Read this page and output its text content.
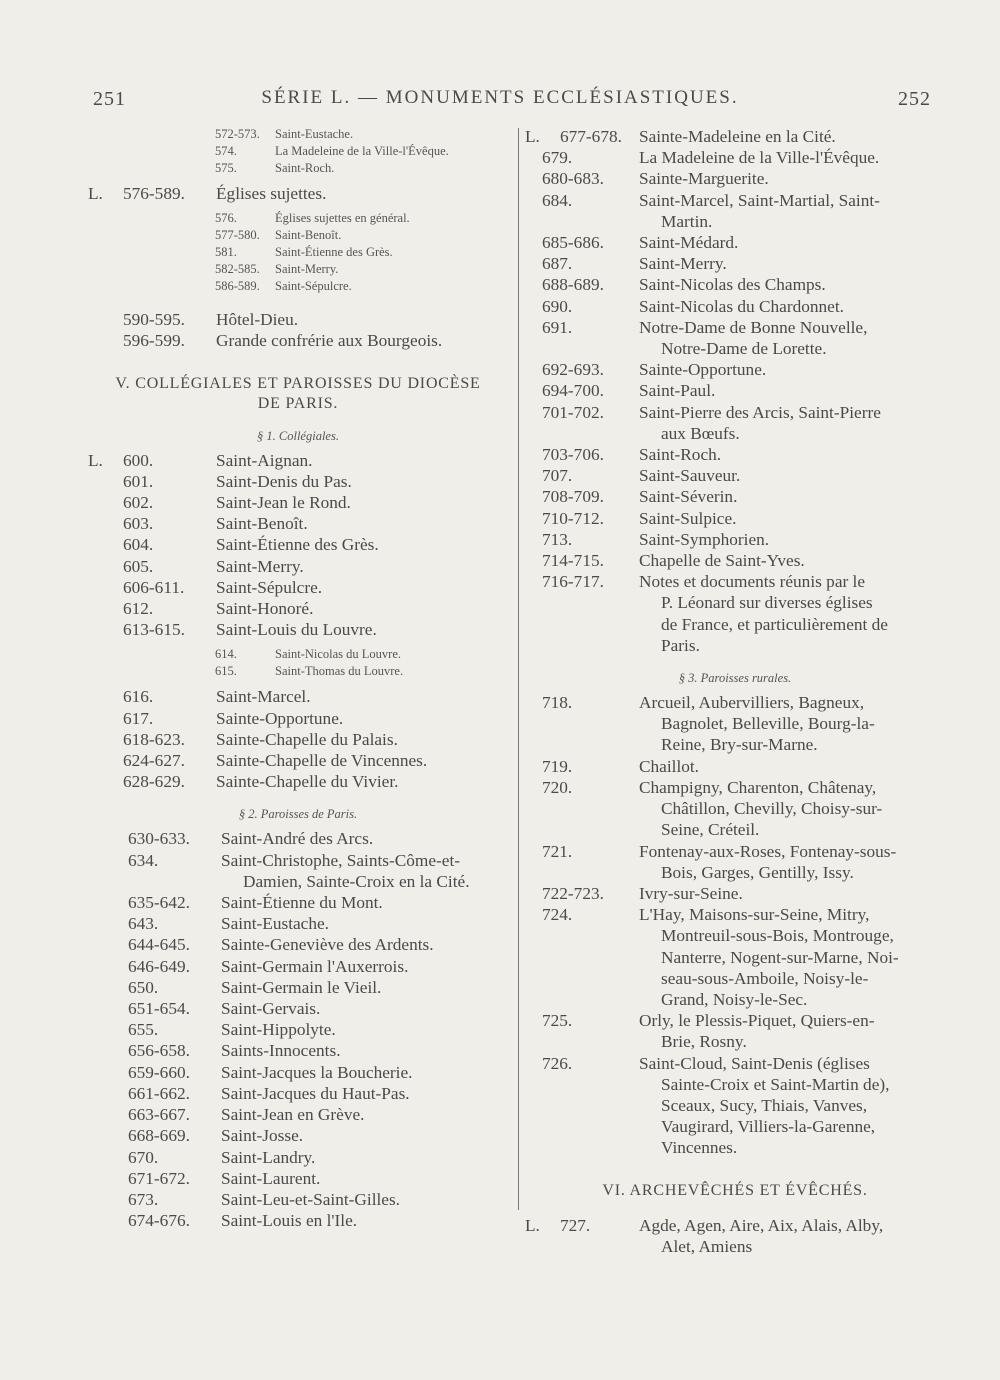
251	SÉRIE L. — MONUMENTS ECCLÉSIASTIQUES.	252
572-573.	Saint-Eustache.
574.	La Madeleine de la Ville-l'Évêque.
575.	Saint-Roch.
L.	576-589.	Églises sujettes.
576.	Églises sujettes en général.
577-580.	Saint-Benoît.
581.	Saint-Étienne des Grès.
582-585.	Saint-Merry.
586-589.	Saint-Sépulcre.
590-595.	Hôtel-Dieu.
596-599.	Grande confrérie aux Bourgeois.
V. COLLÉGIALES ET PAROISSES DU DIOCÈSE
DE PARIS.
§ 1. Collégiales.
L.	600.	Saint-Aignan.
601.	Saint-Denis du Pas.
602.	Saint-Jean le Rond.
603.	Saint-Benoît.
604.	Saint-Étienne des Grès.
605.	Saint-Merry.
606-611.	Saint-Sépulcre.
612.	Saint-Honoré.
613-615.	Saint-Louis du Louvre.
614.	Saint-Nicolas du Louvre.
615.	Saint-Thomas du Louvre.
616.	Saint-Marcel.
617.	Sainte-Opportune.
618-623.	Sainte-Chapelle du Palais.
624-627.	Sainte-Chapelle de Vincennes.
628-629.	Sainte-Chapelle du Vivier.
§ 2. Paroisses de Paris.
630-633.	Saint-André des Arcs.
634.	Saint-Christophe, Saints-Côme-et-
Damien, Sainte-Croix en la Cité.
635-642.	Saint-Étienne du Mont.
643.	Saint-Eustache.
644-645.	Sainte-Geneviève des Ardents.
646-649.	Saint-Germain l'Auxerrois.
650.	Saint-Germain le Vieil.
651-654.	Saint-Gervais.
655.	Saint-Hippolyte.
656-658.	Saints-Innocents.
659-660.	Saint-Jacques la Boucherie.
661-662.	Saint-Jacques du Haut-Pas.
663-667.	Saint-Jean en Grève.
668-669.	Saint-Josse.
670.	Saint-Landry.
671-672.	Saint-Laurent.
673.	Saint-Leu-et-Saint-Gilles.
674-676.	Saint-Louis en l'Ile.
L.	677-678. Sainte-Madeleine en la Cité.
679.	La Madeleine de la Ville-l'Évêque.
680-683.	Sainte-Marguerite.
684.	Saint-Marcel, Saint-Martial, Saint-
Martin.
685-686.	Saint-Médard.
687.	Saint-Merry.
688-689.	Saint-Nicolas des Champs.
690.	Saint-Nicolas du Chardonnet.
691.	Notre-Dame de Bonne Nouvelle,
Notre-Dame de Lorette.
692-693.	Sainte-Opportune.
694-700.	Saint-Paul.
701-702.	Saint-Pierre des Arcis, Saint-Pierre
aux Bœufs.
703-706.	Saint-Roch.
707.	Saint-Sauveur.
708-709.	Saint-Séverin.
710-712.	Saint-Sulpice.
713.	Saint-Symphorien.
714-715.	Chapelle de Saint-Yves.
716-717.	Notes et documents réunis par le
P. Léonard sur diverses églises
de France, et particulièrement de
Paris.
§ 3. Paroisses rurales.
718.	Arcueil, Aubervilliers, Bagneux,
Bagnolet, Belleville, Bourg-la-
Reine, Bry-sur-Marne.
719.	Chaillot.
720.	Champigny, Charenton, Châtenay,
Châtillon, Chevilly, Choisy-sur-
Seine, Créteil.
721.	Fontenay-aux-Roses, Fontenay-sous-
Bois, Garges, Gentilly, Issy.
722-723.	Ivry-sur-Seine.
724.	L'Hay, Maisons-sur-Seine, Mitry,
Montreuil-sous-Bois, Montrouge,
Nanterre, Nogent-sur-Marne, Noi-
seau-sous-Amboile, Noisy-le-
Grand, Noisy-le-Sec.
725.	Orly, le Plessis-Piquet, Quiers-en-
Brie, Rosny.
726.	Saint-Cloud, Saint-Denis (églises
Sainte-Croix et Saint-Martin de),
Sceaux, Sucy, Thiais, Vanves,
Vaugirard, Villiers-la-Garenne,
Vincennes.
VI. ARCHEVÊCHÉS ET ÉVÊCHÉS.
L.	727.	Agde, Agen, Aire, Aix, Alais, Alby,
Alet, Amiens
